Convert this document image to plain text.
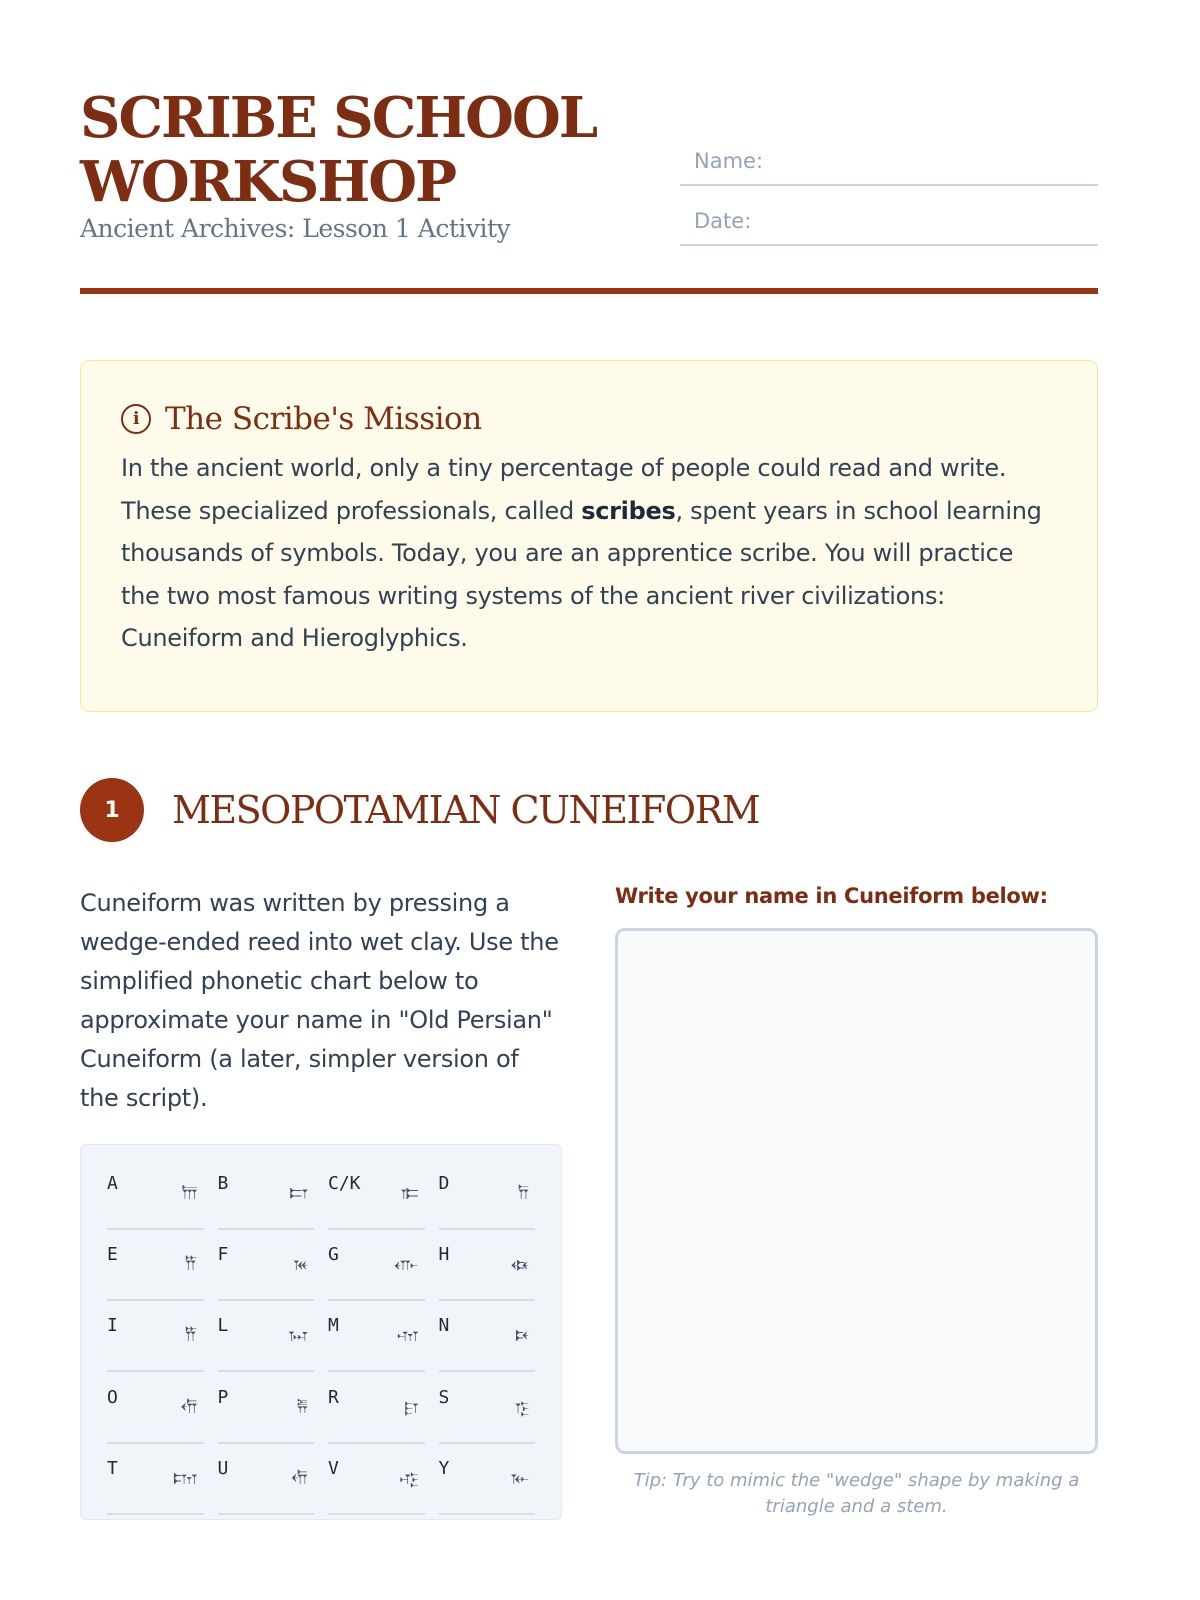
SCRIBE SCHOOL WORKSHOP
Ancient Archives: Lesson 1 Activity
Name:
Date:
i The Scribe's Mission

In the ancient world, only a tiny percentage of people could read and write. These specialized professionals, called scribes, spent years in school learning thousands of symbols. Today, you are an apprentice scribe. You will practice the two most famous writing systems of the ancient river civilizations: Cuneiform and Hieroglyphics.

1	MESOPOTAMIAN CUNEIFORM

Cuneiform was written by pressing a wedge-ended reed into wet clay. Use the simplified phonetic chart below to approximate your name in "Old Persian" Cuneiform (a later, simpler version of the script).

A	𐎠 B	𐎲 C/K 𐎣 D	𐎭
E	𐎡 F	𐎳 G	𐎥 H	𐏃
I	𐎡 L	𐏀 M	𐎶 N	𐎴
O	𐎢 P	𐎱 R	𐎼 S	𐎿
T	𐎫 U	𐎢 V	𐎺 Y	𐎹
Write your name in Cuneiform below:
Tip: Try to mimic the "wedge" shape by making a triangle and a stem.
